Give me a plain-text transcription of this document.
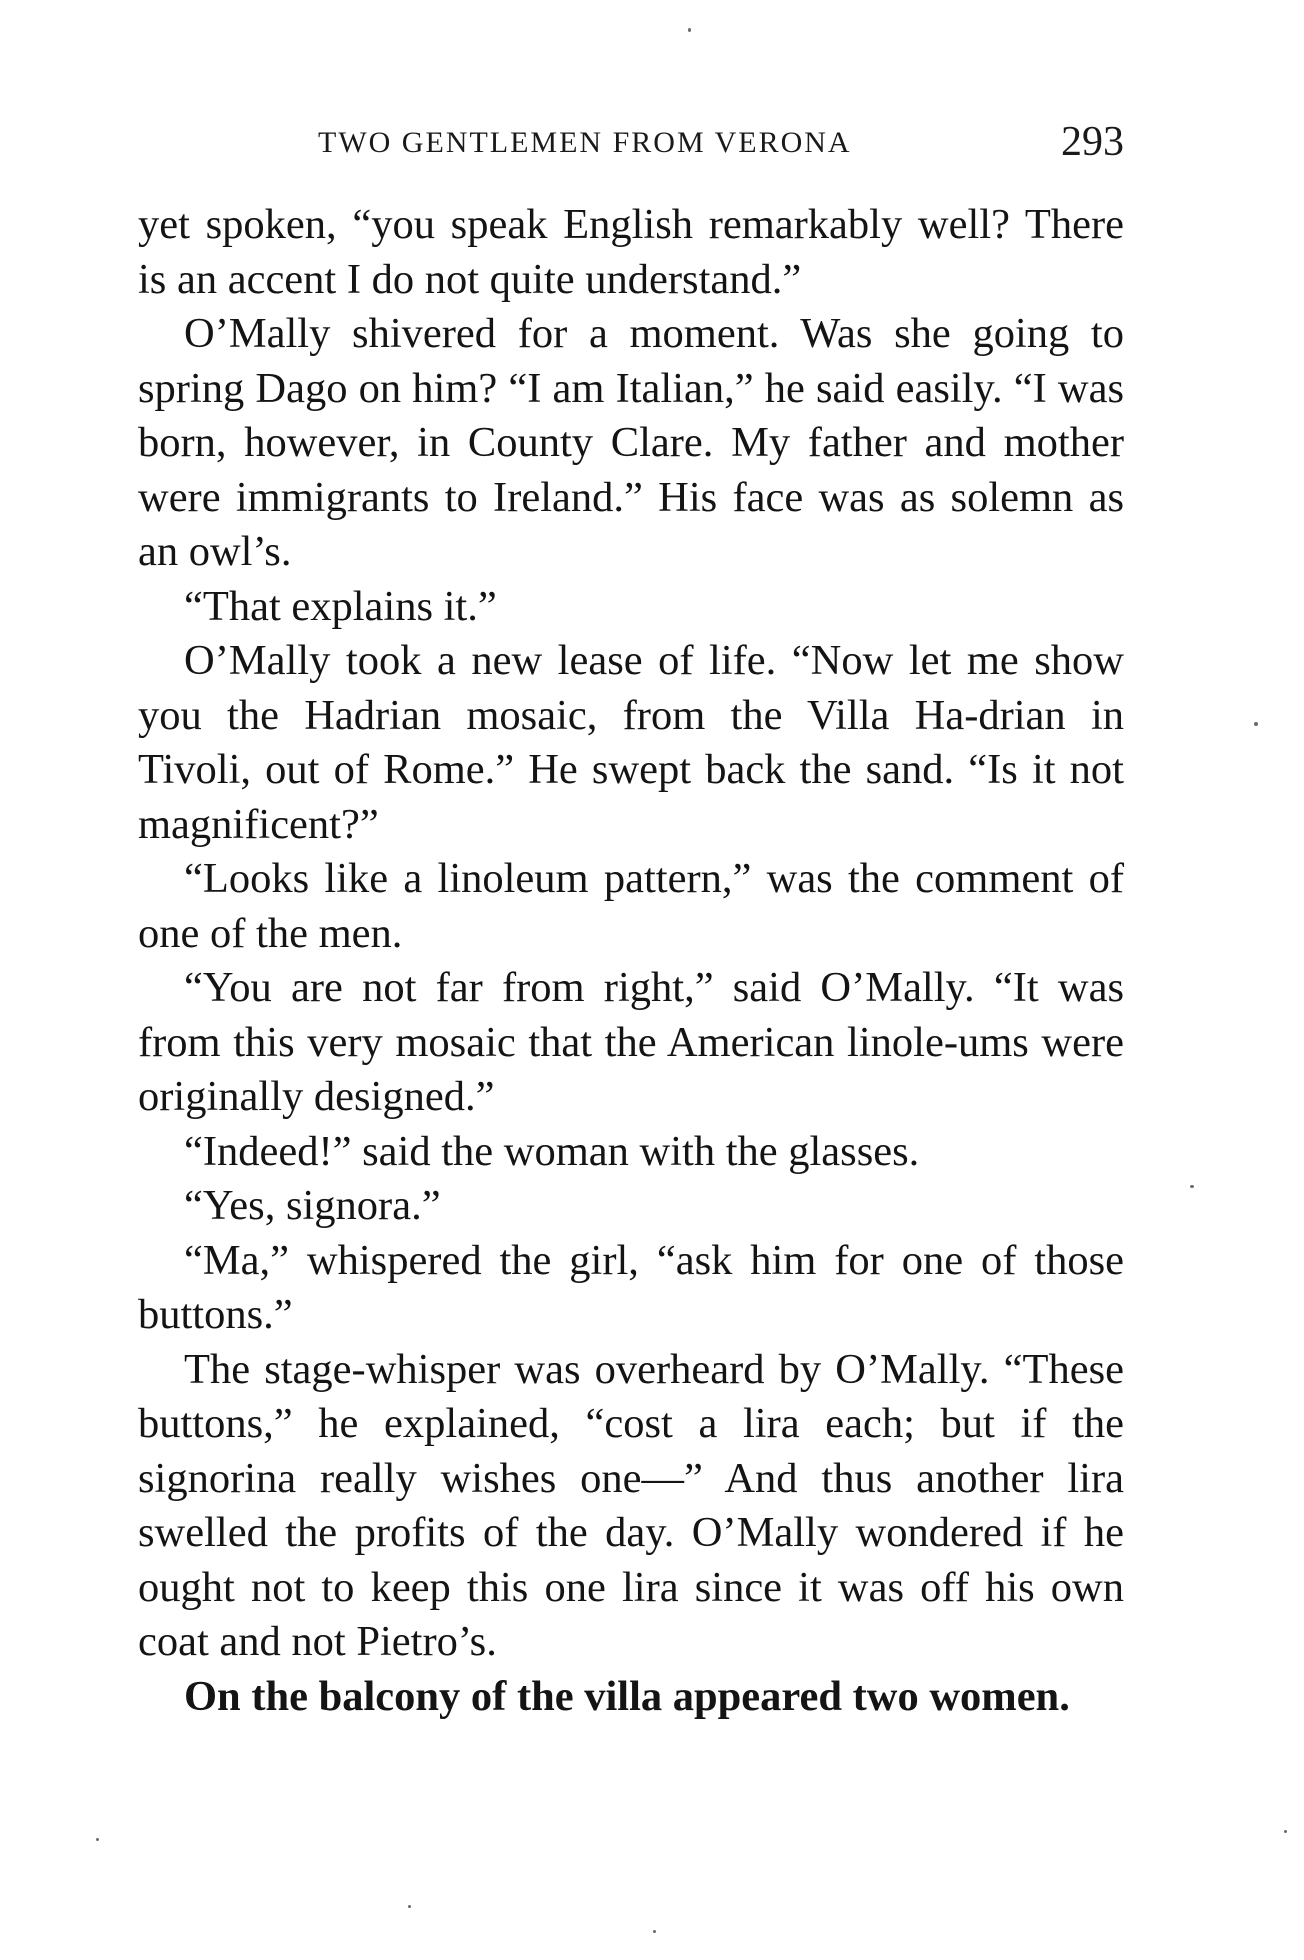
TWO GENTLEMEN FROM VERONA	293

yet spoken, “you speak English remarkably well? There is an accent I do not quite understand.”

O’Mally shivered for a moment. Was she going to spring Dago on him? “I am Italian,” he said easily. “I was born, however, in County Clare. My father and mother were immigrants to Ireland.” His face was as solemn as an owl’s.

“That explains it.”

O’Mally took a new lease of life. “Now let me show you the Hadrian mosaic, from the Villa Ha-drian in Tivoli, out of Rome.” He swept back the sand. “Is it not magnificent?”

“Looks like a linoleum pattern,” was the comment of one of the men.

“You are not far from right,” said O’Mally. “It was from this very mosaic that the American linole-ums were originally designed.”

“Indeed!” said the woman with the glasses.

“Yes, signora.”

“Ma,” whispered the girl, “ask him for one of those buttons.”

The stage-whisper was overheard by O’Mally. “These buttons,” he explained, “cost a lira each; but if the signorina really wishes one—” And thus another lira swelled the profits of the day. O’Mally wondered if he ought not to keep this one lira since it was off his own coat and not Pietro’s.

On the balcony of the villa appeared two women.
